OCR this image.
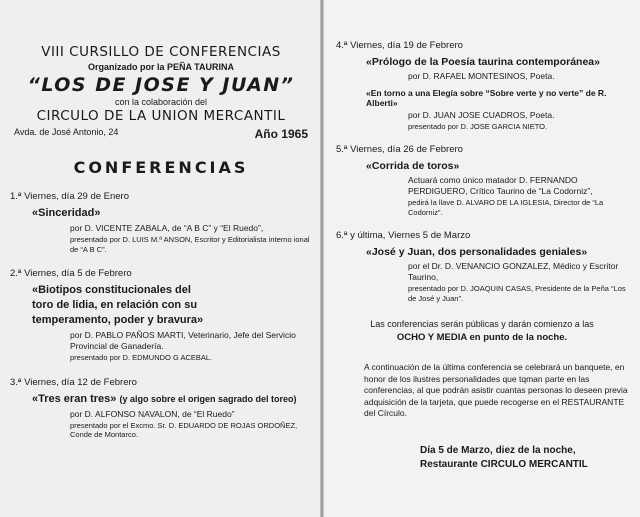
VIII CURSILLO DE CONFERENCIAS

Organizado por la PEÑA TAURINA

“LOS DE JOSE Y JUAN”

con la colaboración del

CIRCULO DE LA UNION MERCANTIL

Avda. de José Antonio, 24	Año 1965

CONFERENCIAS

1.ª Viernes, día 29 de Enero
«Sinceridad»
por D. VICENTE ZABALA, de “A B C” y “El Ruedo”,
presentado por D. LUIS M.ª ANSON, Escritor y Editorialista interno ional de “A B C”.
2.ª Viernes, día 5 de Febrero
«Biotipos constitucionales del
toro de lidia, en relación con su
temperamento, poder y bravura»
por D. PABLO PAÑOS MARTI, Veterinario, Jefe del Servicio Provincial de Ganadería.
presentado por D. EDMUNDO G ACEBAL.
3.ª Viernes, día 12 de Febrero
«Tres eran tres» (y algo sobre el origen sagrado del toreo)
por D. ALFONSO NAVALON, de “El Ruedo”
presentado por el Excmo. Sr. D. EDUARDO DE ROJAS ORDOÑEZ, Conde de Montarco.
4.ª Viernes, día 19 de Febrero
«Prólogo de la Poesía taurina contemporánea»
por D. RAFAEL MONTESINOS, Poeta.
«En torno a una Elegía sobre “Sobre verte y no verte” de R. Alberti»
por D. JUAN JOSE CUADROS, Poeta.
presentado por D. JOSE GARCIA NIETO.
5.ª Viernes, día 26 de Febrero
«Corrida de toros»
Actuará como único matador D. FERNANDO PERDIGUERO, Crítico Taurino de “La Codorniz”,
pedirá la llave D. ALVARO DE LA IGLESIA, Director de “La Codorniz”.
6.ª y última, Viernes 5 de Marzo
«José y Juan, dos personalidades geniales»
por el Dr. D. VENANCIO GONZALEZ, Médico y Escritor Taurino,
presentado por D. JOAQUIN CASAS, Presidente de la Peña “Los de José y Juan”.
Las conferencias serán públicas y darán comienzo a las
OCHO Y MEDIA en punto de la noche.
A continuación de la última conferencia se celebrará un banquete, en honor de los ilustres personalidades que tqman parte en las conferencias, al que podrán asistir cuantas personas lo deseen previa adquisición de la tarjeta, que puede recogerse en el RESTAURANTE del Círculo.
Día 5 de Marzo, diez de la noche,
Restaurante CIRCULO MERCANTIL
